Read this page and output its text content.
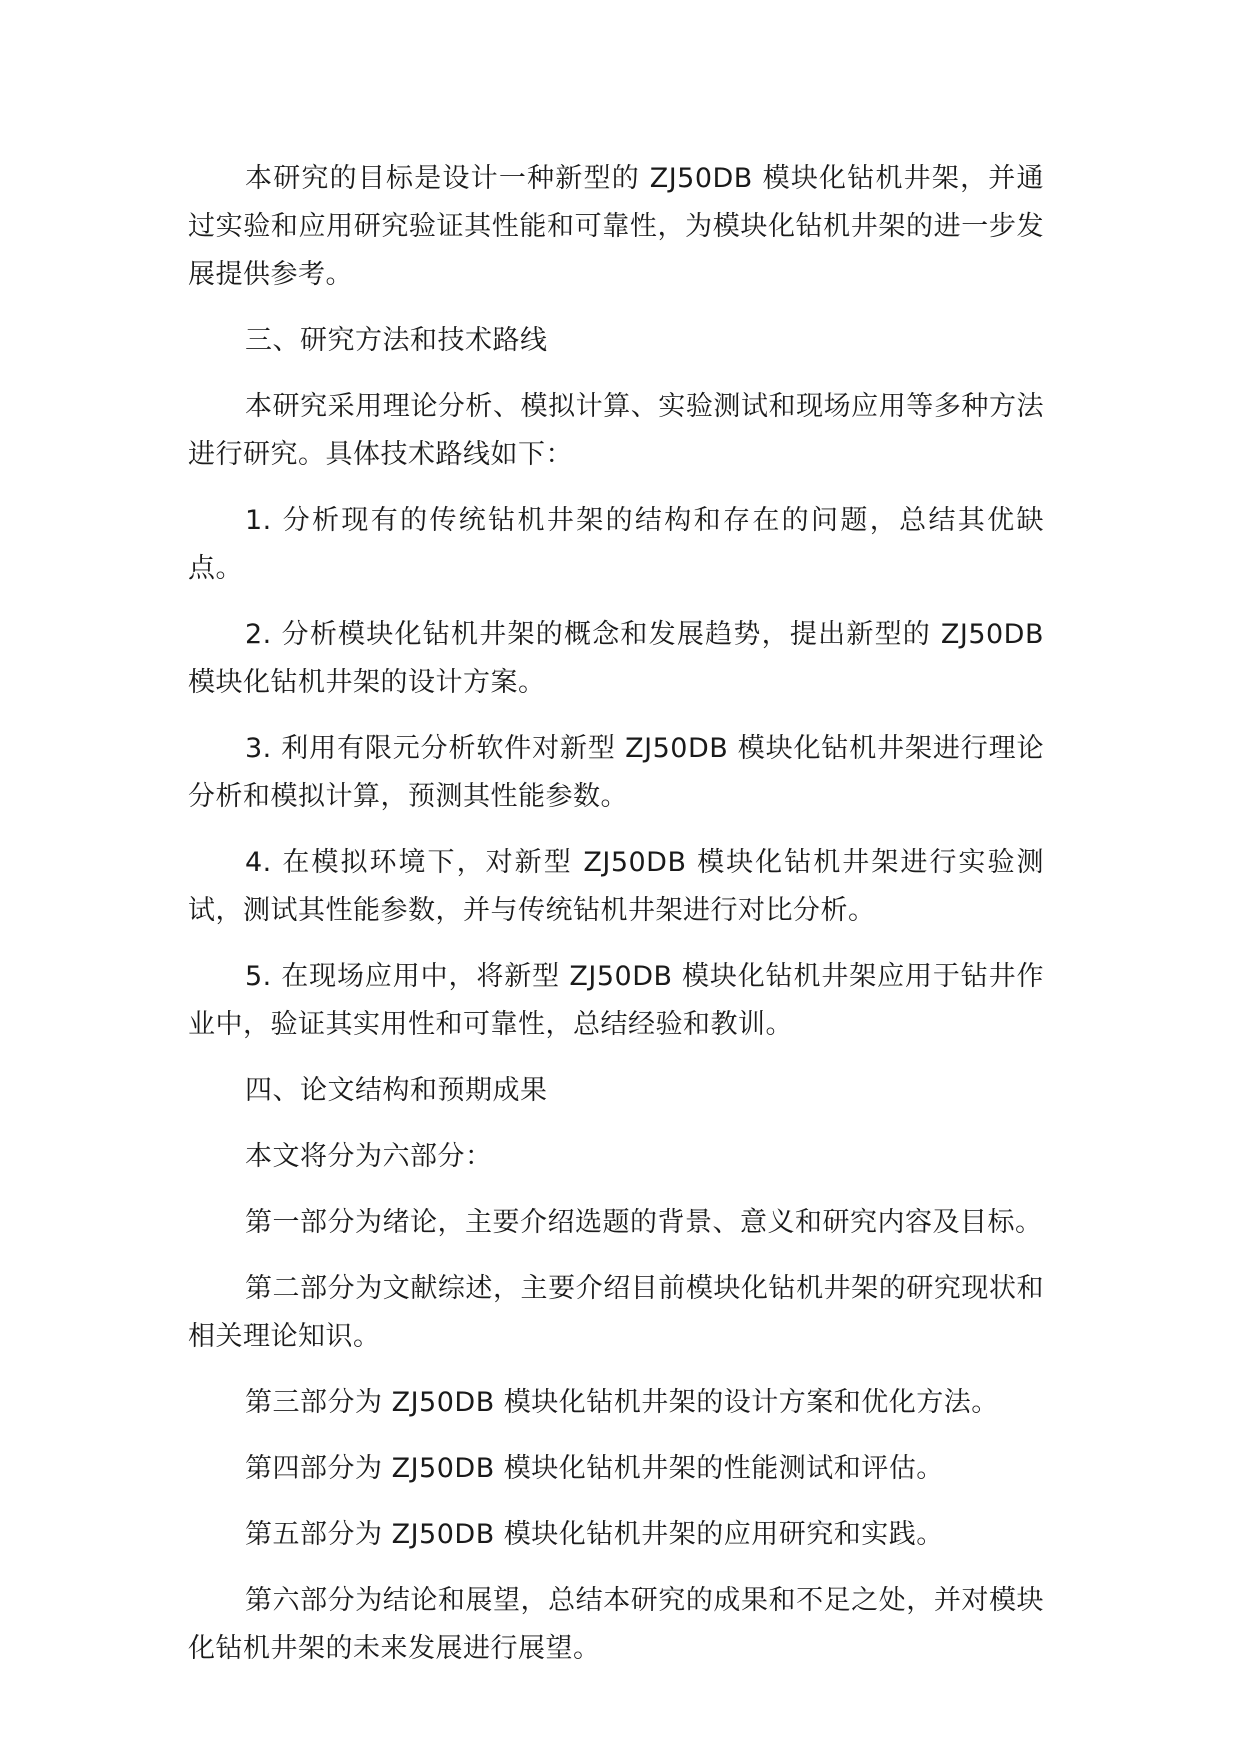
本研究的目标是设计一种新型的 ZJ50DB 模块化钻机井架，并通过实验和应用研究验证其性能和可靠性，为模块化钻机井架的进一步发展提供参考。

三、研究方法和技术路线

本研究采用理论分析、模拟计算、实验测试和现场应用等多种方法进行研究。具体技术路线如下：

1. 分析现有的传统钻机井架的结构和存在的问题，总结其优缺点。

2. 分析模块化钻机井架的概念和发展趋势，提出新型的 ZJ50DB 模块化钻机井架的设计方案。

3. 利用有限元分析软件对新型 ZJ50DB 模块化钻机井架进行理论分析和模拟计算，预测其性能参数。

4. 在模拟环境下，对新型 ZJ50DB 模块化钻机井架进行实验测试，测试其性能参数，并与传统钻机井架进行对比分析。

5. 在现场应用中，将新型 ZJ50DB 模块化钻机井架应用于钻井作业中，验证其实用性和可靠性，总结经验和教训。

四、论文结构和预期成果

本文将分为六部分：

第一部分为绪论，主要介绍选题的背景、意义和研究内容及目标。

第二部分为文献综述，主要介绍目前模块化钻机井架的研究现状和相关理论知识。

第三部分为 ZJ50DB 模块化钻机井架的设计方案和优化方法。

第四部分为 ZJ50DB 模块化钻机井架的性能测试和评估。

第五部分为 ZJ50DB 模块化钻机井架的应用研究和实践。

第六部分为结论和展望，总结本研究的成果和不足之处，并对模块化钻机井架的未来发展进行展望。
